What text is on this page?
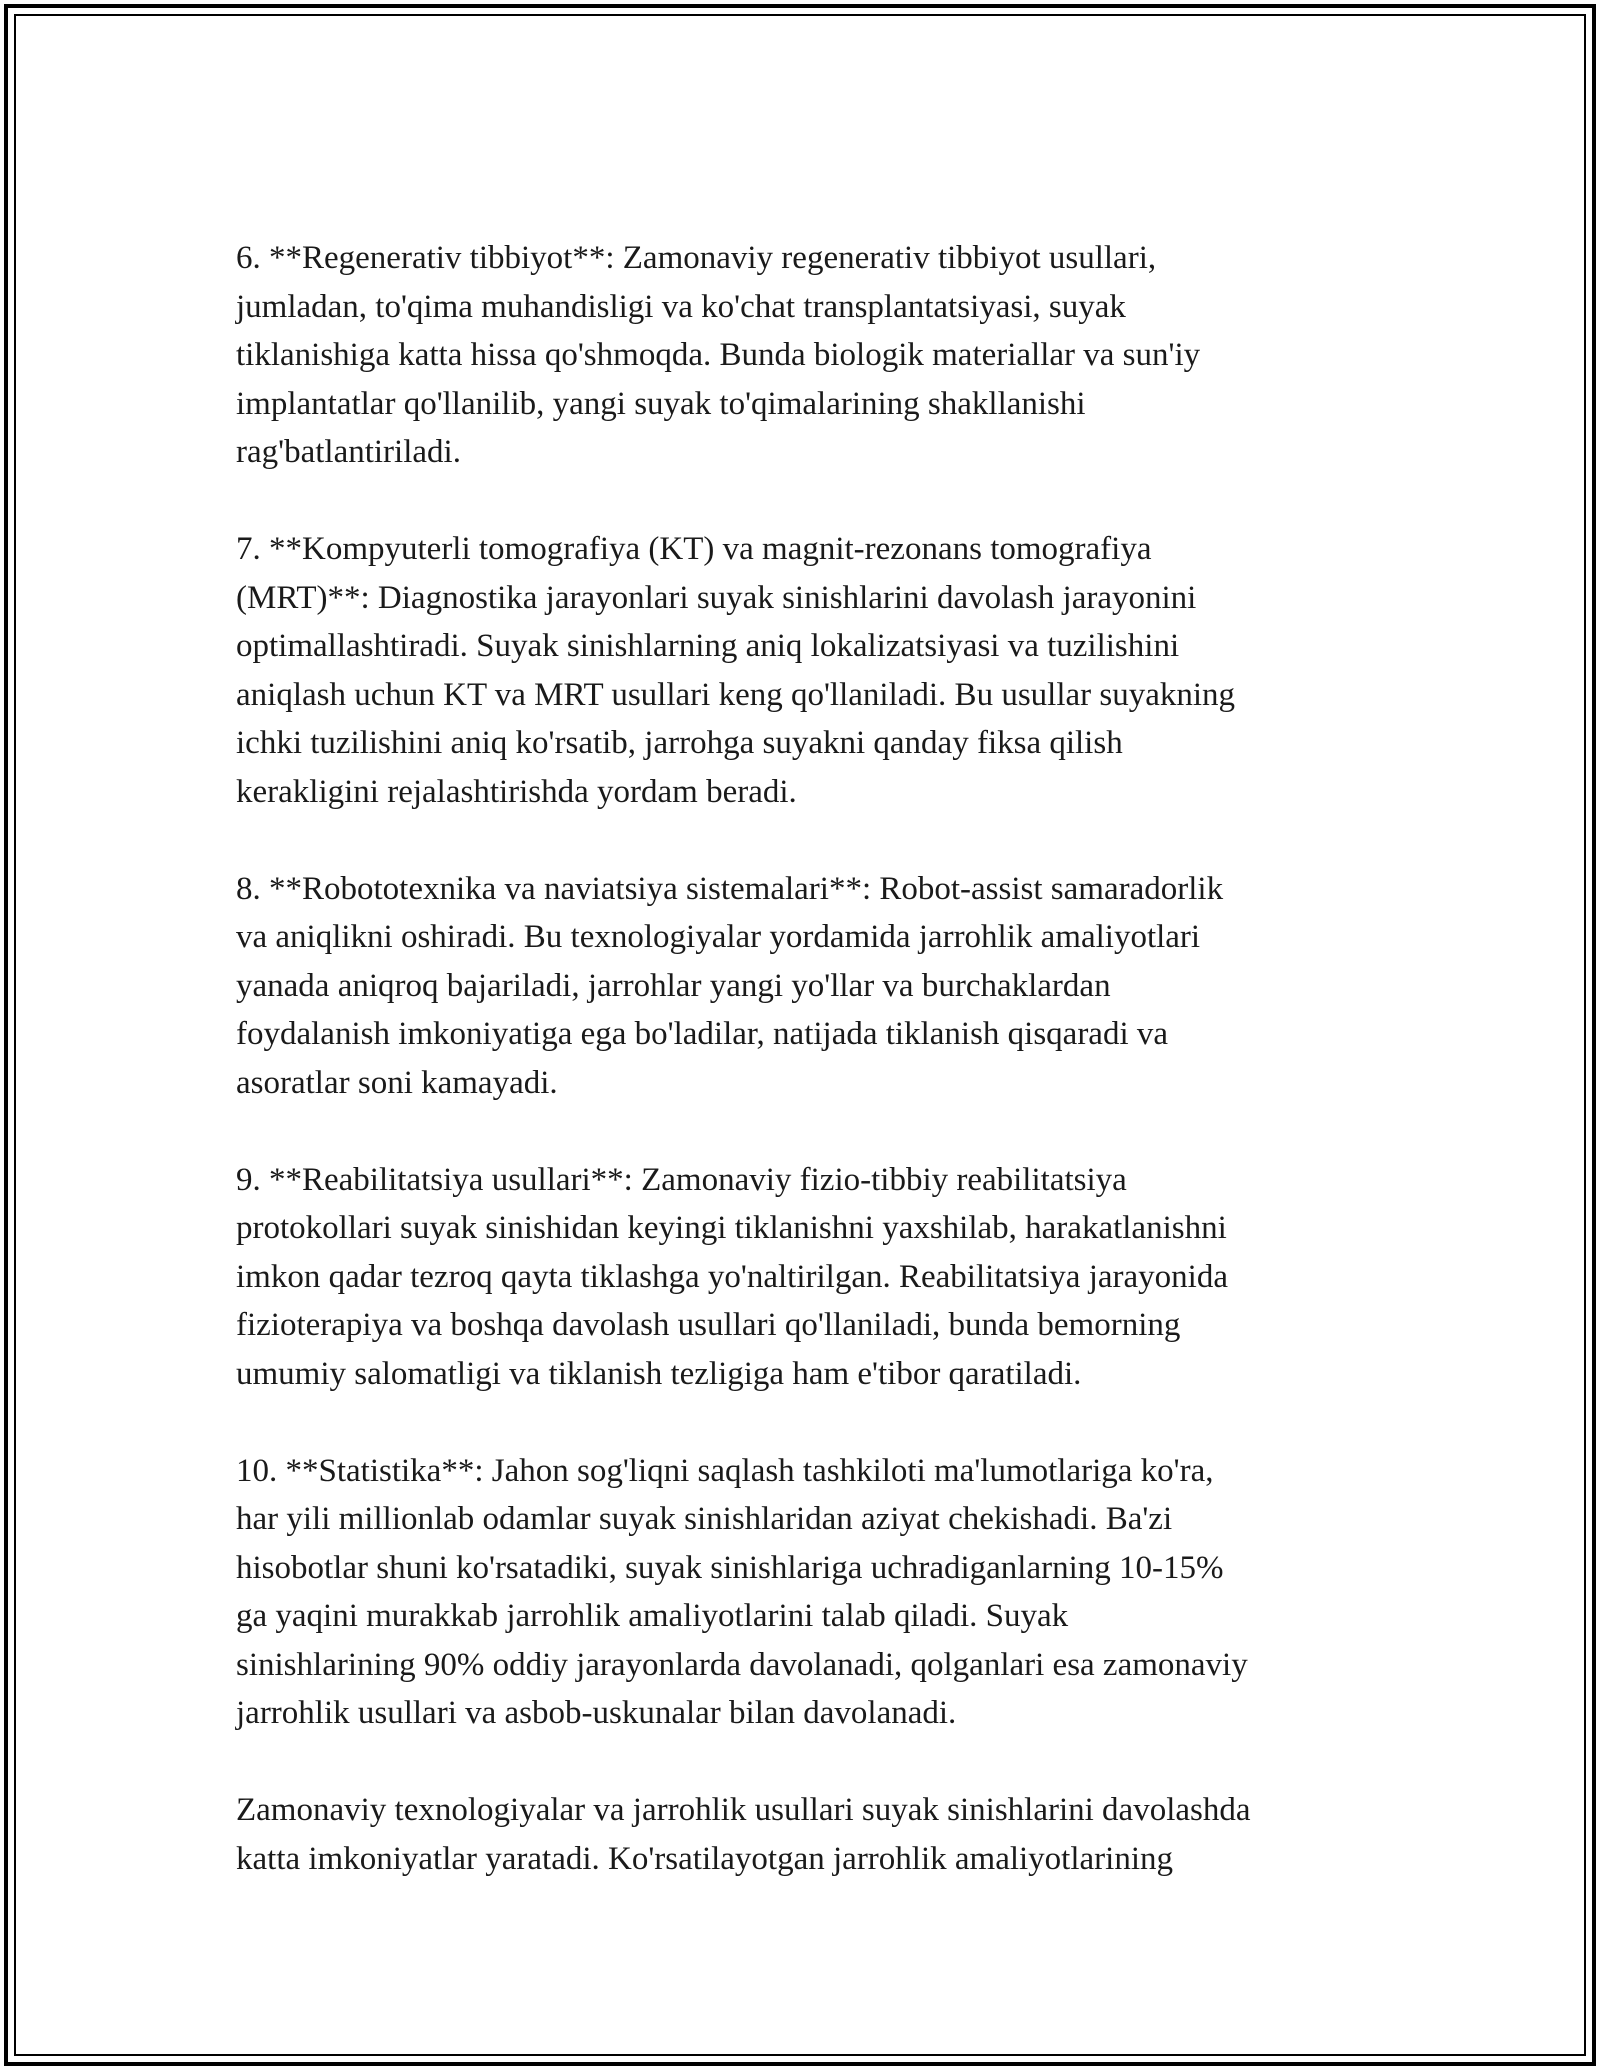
6. **Regenerativ tibbiyot**: Zamonaviy regenerativ tibbiyot usullari,
jumladan, to'qima muhandisligi va ko'chat transplantatsiyasi, suyak
tiklanishiga katta hissa qo'shmoqda. Bunda biologik materiallar va sun'iy
implantatlar qo'llanilib, yangi suyak to'qimalarining shakllanishi
rag'batlantiriladi.

7. **Kompyuterli tomografiya (KT) va magnit-rezonans tomografiya
(MRT)**: Diagnostika jarayonlari suyak sinishlarini davolash jarayonini
optimallashtiradi. Suyak sinishlarning aniq lokalizatsiyasi va tuzilishini
aniqlash uchun KT va MRT usullari keng qo'llaniladi. Bu usullar suyakning
ichki tuzilishini aniq ko'rsatib, jarrohga suyakni qanday fiksa qilish
kerakligini rejalashtirishda yordam beradi.

8. **Robototexnika va naviatsiya sistemalari**: Robot-assist samaradorlik
va aniqlikni oshiradi. Bu texnologiyalar yordamida jarrohlik amaliyotlari
yanada aniqroq bajariladi, jarrohlar yangi yo'llar va burchaklardan
foydalanish imkoniyatiga ega bo'ladilar, natijada tiklanish qisqaradi va
asoratlar soni kamayadi.

9. **Reabilitatsiya usullari**: Zamonaviy fizio-tibbiy reabilitatsiya
protokollari suyak sinishidan keyingi tiklanishni yaxshilab, harakatlanishni
imkon qadar tezroq qayta tiklashga yo'naltirilgan. Reabilitatsiya jarayonida
fizioterapiya va boshqa davolash usullari qo'llaniladi, bunda bemorning
umumiy salomatligi va tiklanish tezligiga ham e'tibor qaratiladi.

10. **Statistika**: Jahon sog'liqni saqlash tashkiloti ma'lumotlariga ko'ra,
har yili millionlab odamlar suyak sinishlaridan aziyat chekishadi. Ba'zi
hisobotlar shuni ko'rsatadiki, suyak sinishlariga uchradiganlarning 10-15%
ga yaqini murakkab jarrohlik amaliyotlarini talab qiladi. Suyak
sinishlarining 90% oddiy jarayonlarda davolanadi, qolganlari esa zamonaviy
jarrohlik usullari va asbob-uskunalar bilan davolanadi.

Zamonaviy texnologiyalar va jarrohlik usullari suyak sinishlarini davolashda
katta imkoniyatlar yaratadi. Ko'rsatilayotgan jarrohlik amaliyotlarining
